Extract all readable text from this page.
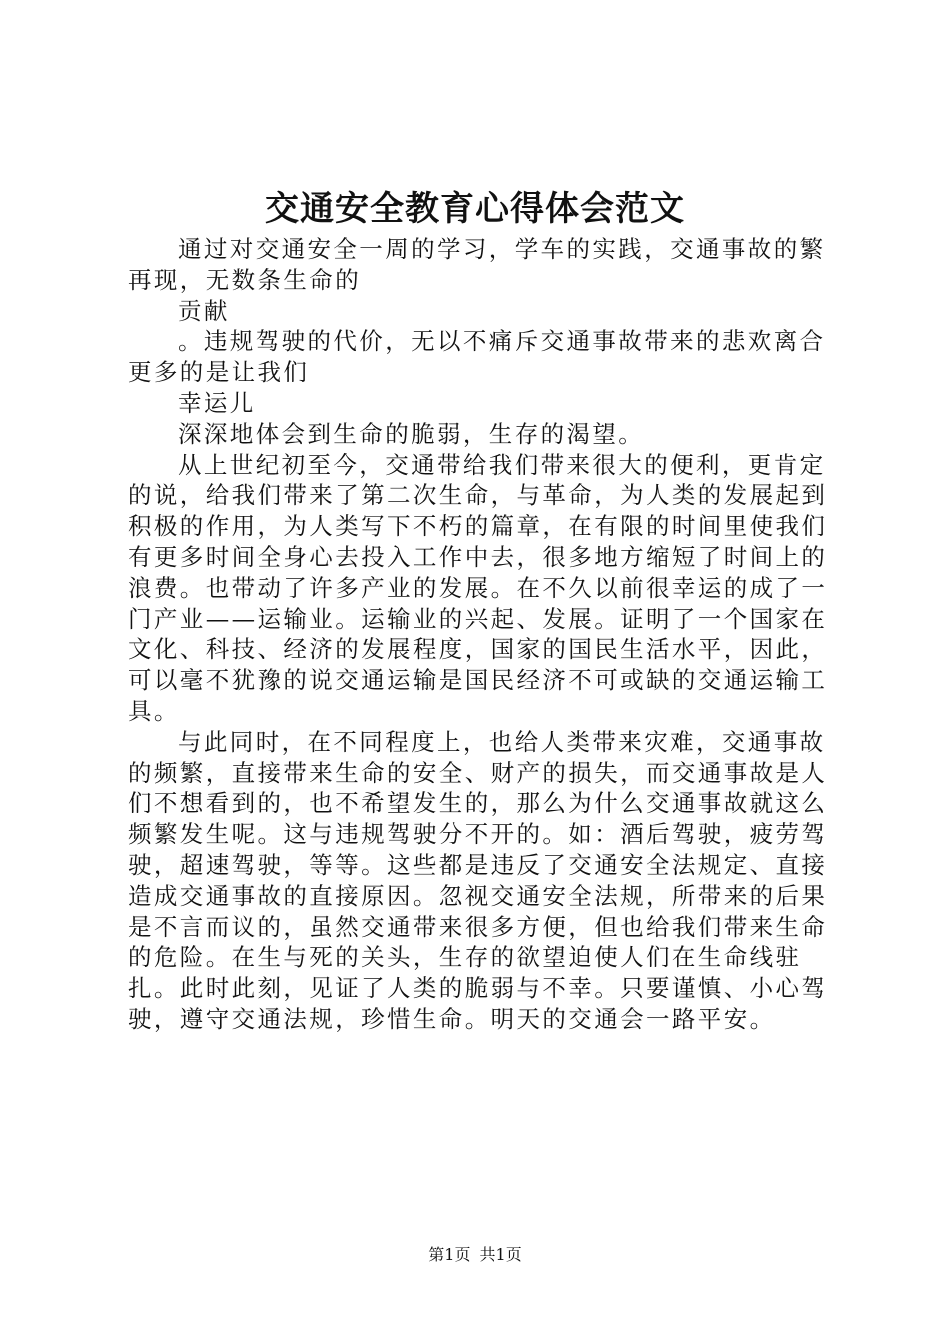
交通安全教育心得体会范文

通过对交通安全一周的学习，学车的实践，交通事故的繁再现，无数条生命的

贡献

。违规驾驶的代价，无以不痛斥交通事故带来的悲欢离合更多的是让我们

幸运儿

深深地体会到生命的脆弱，生存的渴望。

从上世纪初至今，交通带给我们带来很大的便利，更肯定的说，给我们带来了第二次生命，与革命，为人类的发展起到积极的作用，为人类写下不朽的篇章，在有限的时间里使我们有更多时间全身心去投入工作中去，很多地方缩短了时间上的浪费。也带动了许多产业的发展。在不久以前很幸运的成了一门产业——运输业。运输业的兴起、发展。证明了一个国家在文化、科技、经济的发展程度，国家的国民生活水平，因此，可以毫不犹豫的说交通运输是国民经济不可或缺的交通运输工具。

与此同时，在不同程度上，也给人类带来灾难，交通事故的频繁，直接带来生命的安全、财产的损失，而交通事故是人们不想看到的，也不希望发生的，那么为什么交通事故就这么频繁发生呢。这与违规驾驶分不开的。如：酒后驾驶，疲劳驾驶，超速驾驶，等等。这些都是违反了交通安全法规定、直接造成交通事故的直接原因。忽视交通安全法规，所带来的后果是不言而议的，虽然交通带来很多方便，但也给我们带来生命的危险。在生与死的关头，生存的欲望迫使人们在生命线驻扎。此时此刻，见证了人类的脆弱与不幸。只要谨慎、小心驾驶，遵守交通法规，珍惜生命。明天的交通会一路平安。

第1页 共1页
